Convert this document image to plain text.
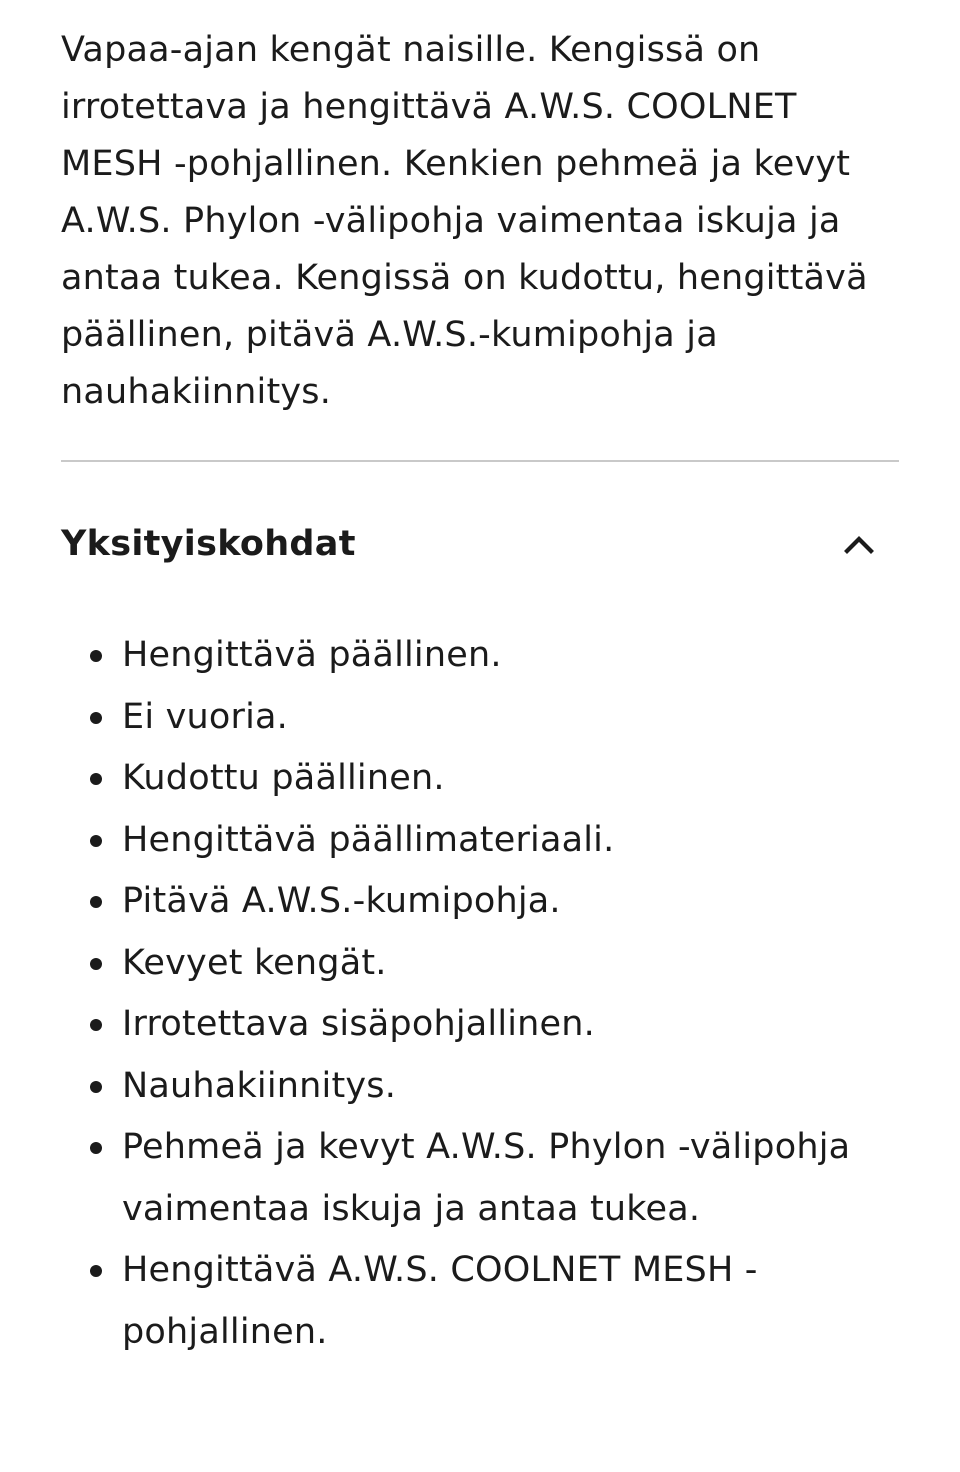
Vapaa-ajan kengät naisille. Kengissä on irrotettava ja hengittävä A.W.S. COOLNET MESH -pohjallinen. Kenkien pehmeä ja kevyt A.W.S. Phylon -välipohja vaimentaa iskuja ja antaa tukea. Kengissä on kudottu, hengittävä päällinen, pitävä A.W.S.-kumipohja ja nauhakiinnitys.

Yksityiskohdat
Hengittävä päällinen.
Ei vuoria.
Kudottu päällinen.
Hengittävä päällimateriaali.
Pitävä A.W.S.-kumipohja.
Kevyet kengät.
Irrotettava sisäpohjallinen.
Nauhakiinnitys.
Pehmeä ja kevyt A.W.S. Phylon -välipohja vaimentaa iskuja ja antaa tukea.
Hengittävä A.W.S. COOLNET MESH -pohjallinen.
